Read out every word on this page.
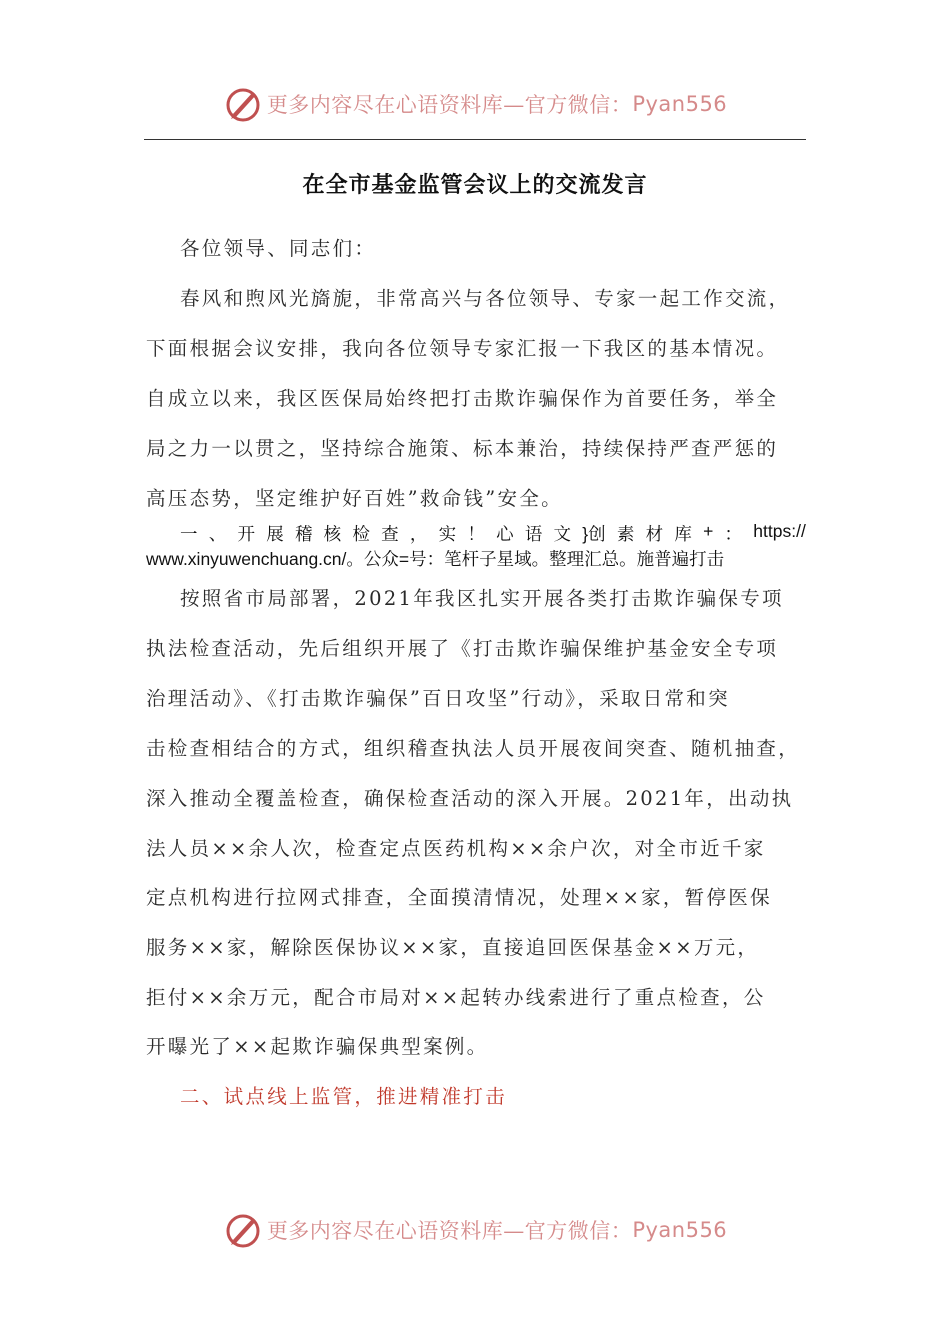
更多内容尽在心语资料库—官方微信： Pyan556
在全市基金监管会议上的交流发言
各位领导、同志们：
春风和煦风光旖旎，非常高兴与各位领导、专家一起工作交流，
下面根据会议安排，我向各位领导专家汇报一下我区的基本情况。
自成立以来，我区医保局始终把打击欺诈骗保作为首要任务，举全
局之力一以贯之，坚持综合施策、标本兼治，持续保持严查严惩的
高压态势，坚定维护好百姓”救命钱”安全。
一 、 开 展 稽 核 检 查 ， 实 ！ 心 语 文 }创 素 材 库 + ： https://
www.xinyuwenchuang.cn/。公众=号：笔杆子星域。整理汇总。施普遍打击
按照省市局部署，2021年我区扎实开展各类打击欺诈骗保专项
执法检查活动，先后组织开展了《打击欺诈骗保维护基金安全专项
治理活动》、《打击欺诈骗保”百日攻坚”行动》，采取日常和突
击检查相结合的方式，组织稽查执法人员开展夜间突查、随机抽查，
深入推动全覆盖检查，确保检查活动的深入开展。2021年，出动执
法人员××余人次，检查定点医药机构××余户次，对全市近千家
定点机构进行拉网式排查，全面摸清情况，处理××家，暂停医保
服务××家，解除医保协议××家，直接追回医保基金××万元，
拒付××余万元，配合市局对××起转办线索进行了重点检查，公
开曝光了××起欺诈骗保典型案例。
二、试点线上监管，推进精准打击
更多内容尽在心语资料库—官方微信： Pyan556
